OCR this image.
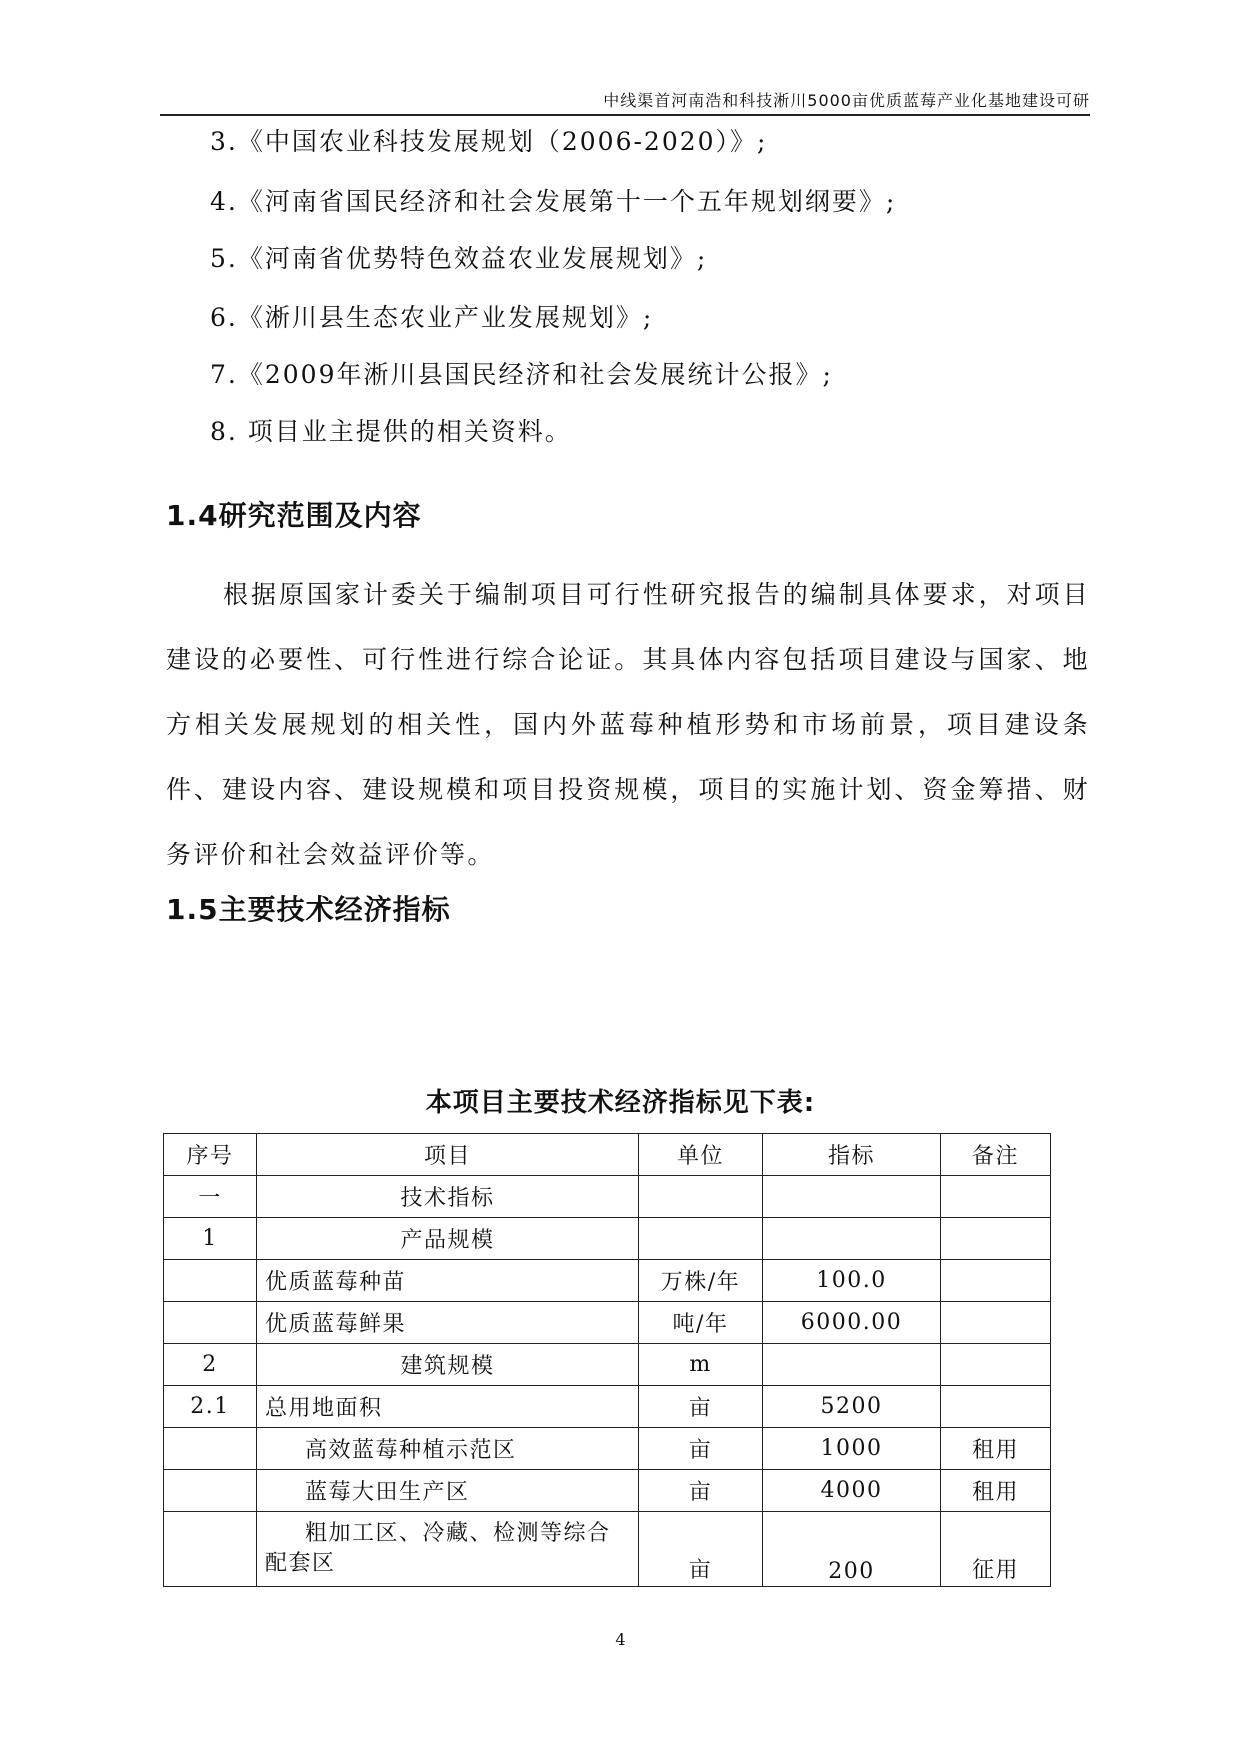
中线渠首河南浩和科技淅川5000亩优质蓝莓产业化基地建设可研
3.《中国农业科技发展规划（2006-2020）》;
4.《河南省国民经济和社会发展第十一个五年规划纲要》;
5.《河南省优势特色效益农业发展规划》;
6.《淅川县生态农业产业发展规划》;
7.《2009年淅川县国民经济和社会发展统计公报》;
8. 项目业主提供的相关资料。
1.4研究范围及内容

根据原国家计委关于编制项目可行性研究报告的编制具体要求，对项目建设的必要性、可行性进行综合论证。其具体内容包括项目建设与国家、地方相关发展规划的相关性，国内外蓝莓种植形势和市场前景，项目建设条件、建设内容、建设规模和项目投资规模，项目的实施计划、资金筹措、财务评价和社会效益评价等。

1.5主要技术经济指标
本项目主要技术经济指标见下表:
序号	项目	单位	指标	备注
一	技术指标			
1	产品规模			
	优质蓝莓种苗	万株/年	100.0	
	优质蓝莓鲜果	吨/年	6000.00	
2	建筑规模	m		
2.1	总用地面积	亩	5200	
	高效蓝莓种植示范区	亩	1000	租用
	蓝莓大田生产区	亩	4000	租用
	粗加工区、冷藏、检测等综合配套区	亩	200	征用
4
